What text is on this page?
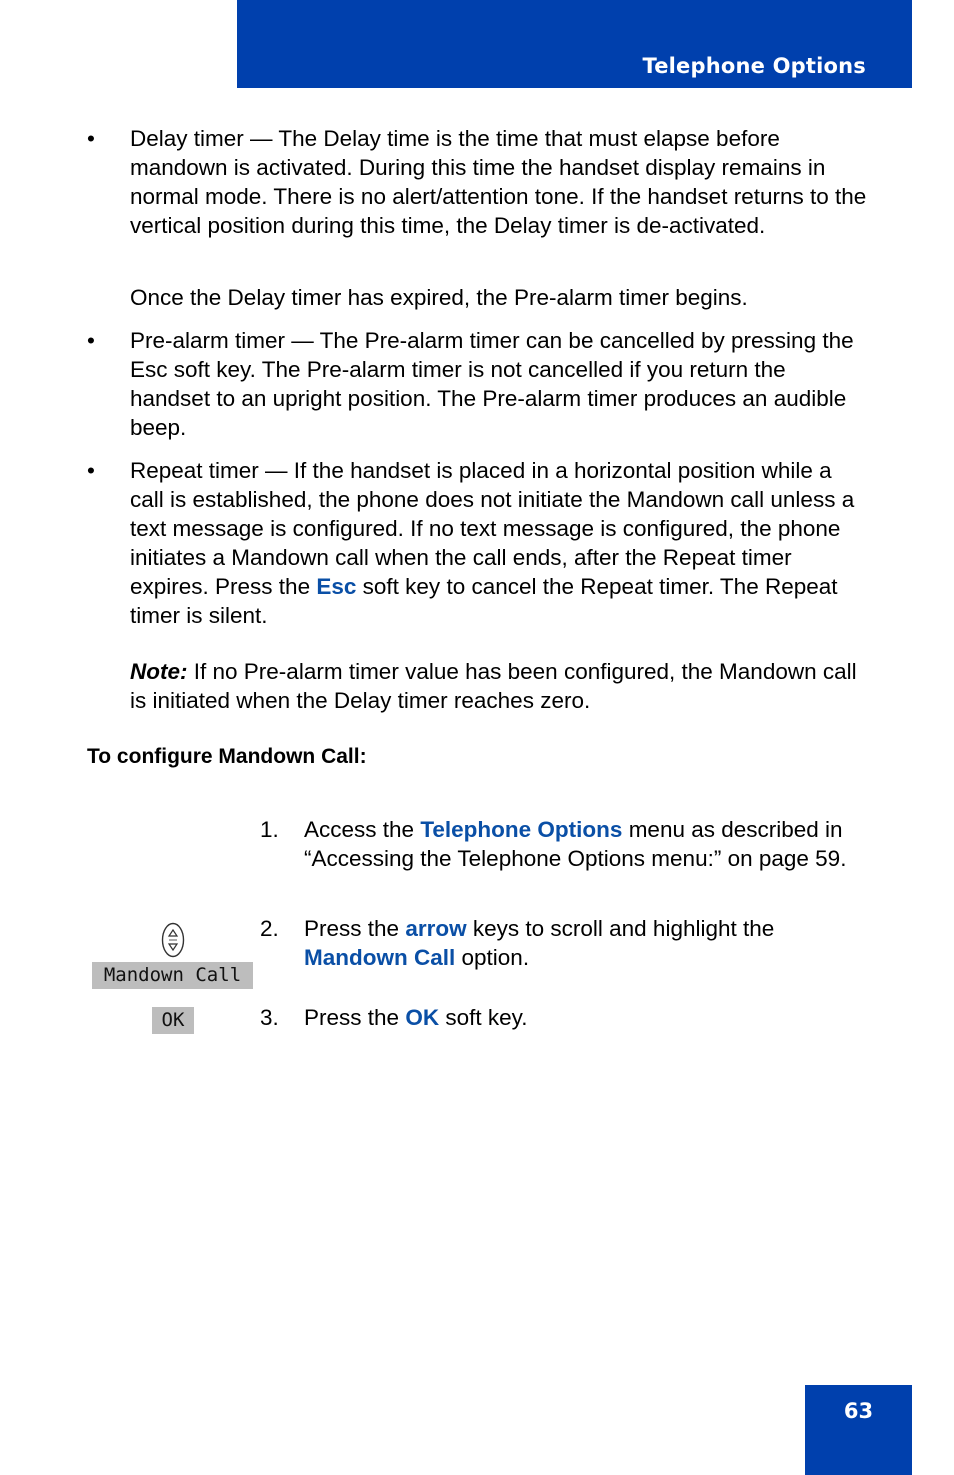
Telephone Options
•	Delay timer — The Delay time is the time that must elapse before mandown is activated. During this time the handset display remains in normal mode. There is no alert/attention tone. If the handset returns to the vertical position during this time, the Delay timer is de-activated.
Once the Delay timer has expired, the Pre-alarm timer begins.
•	Pre-alarm timer — The Pre-alarm timer can be cancelled by pressing the Esc soft key. The Pre-alarm timer is not cancelled if you return the handset to an upright position. The Pre-alarm timer produces an audible beep.
•	Repeat timer — If the handset is placed in a horizontal position while a call is established, the phone does not initiate the Mandown call unless a text message is configured. If no text message is configured, the phone initiates a Mandown call when the call ends, after the Repeat timer expires. Press the Esc soft key to cancel the Repeat timer. The Repeat timer is silent.
Note: If no Pre-alarm timer value has been configured, the Mandown call is initiated when the Delay timer reaches zero.
To configure Mandown Call:
1. Access the Telephone Options menu as described in “Accessing the Telephone Options menu:” on page 59.
2. Press the arrow keys to scroll and highlight the Mandown Call option.
3. Press the OK soft key.
Mandown Call
OK
63
